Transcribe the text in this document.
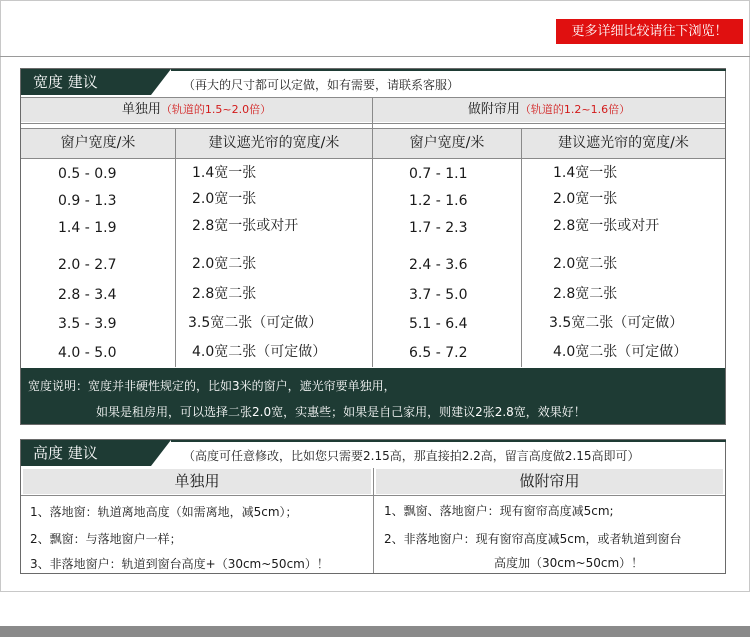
更多详细比较请往下浏览！
宽度 建议	（再大的尺寸都可以定做，如有需要，请联系客服）
单独用（轨道的1.5~2.0倍）	做附帘用（轨道的1.2~1.6倍）
窗户宽度/米	建议遮光帘的宽度/米	窗户宽度/米	建议遮光帘的宽度/米
0.5 - 0.9	1.4宽一张	0.7 - 1.1	1.4宽一张
0.9 - 1.3	2.0宽一张	1.2 - 1.6	2.0宽一张
1.4 - 1.9	2.8宽一张或对开	1.7 - 2.3	2.8宽一张或对开
2.0 - 2.7	2.0宽二张	2.4 - 3.6	2.0宽二张
2.8 - 3.4	2.8宽二张	3.7 - 5.0	2.8宽二张
3.5 - 3.9	3.5宽二张（可定做）	5.1 - 6.4	3.5宽二张（可定做）
4.0 - 5.0	4.0宽二张（可定做）	6.5 - 7.2	4.0宽二张（可定做）
宽度说明：宽度并非硬性规定的，比如3米的窗户，遮光帘要单独用，
如果是租房用，可以选择二张2.0宽，实惠些；如果是自己家用，则建议2张2.8宽，效果好！
高度 建议	（高度可任意修改，比如您只需要2.15高，那直接拍2.2高，留言高度做2.15高即可）
单独用	做附帘用
1、落地窗：轨道离地高度（如需离地，减5cm）；
2、飘窗：与落地窗户一样；
3、非落地窗户：轨道到窗台高度+（30cm~50cm）！
1、飘窗、落地窗户：现有窗帘高度减5cm;
2、非落地窗户：现有窗帘高度减5cm，或者轨道到窗台
高度加（30cm~50cm）！
